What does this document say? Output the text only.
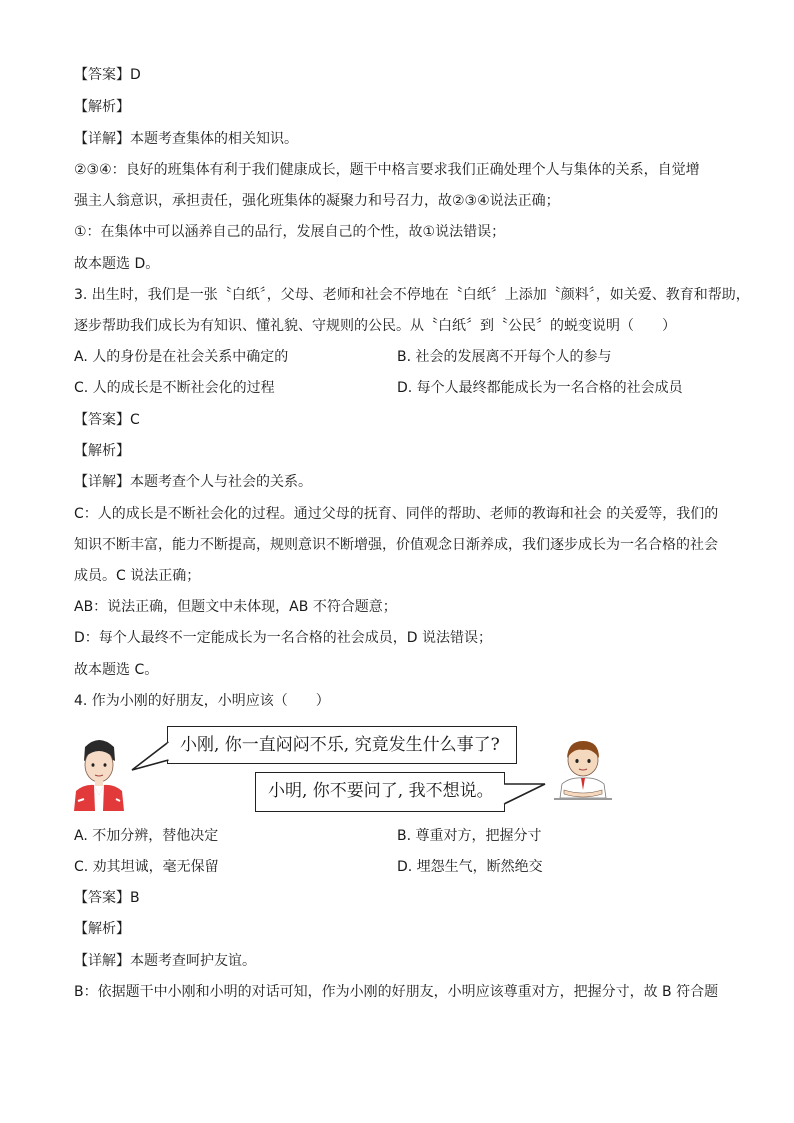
【答案】D
【解析】
【详解】本题考查集体的相关知识。
②③④：良好的班集体有利于我们健康成长，题干中格言要求我们正确处理个人与集体的关系，自觉增
强主人翁意识，承担责任，强化班集体的凝聚力和号召力，故②③④说法正确；
①：在集体中可以涵养自己的品行，发展自己的个性，故①说法错误；
故本题选 D。
3. 出生时，我们是一张〝白纸〞，父母、老师和社会不停地在〝白纸〞上添加〝颜料〞，如关爱、教育和帮助，
逐步帮助我们成长为有知识、懂礼貌、守规则的公民。从〝白纸〞到〝公民〞的蜕变说明（　　）
A. 人的身份是在社会关系中确定的	B. 社会的发展离不开每个人的参与
C. 人的成长是不断社会化的过程	D. 每个人最终都能成长为一名合格的社会成员
【答案】C
【解析】
【详解】本题考查个人与社会的关系。
C：人的成长是不断社会化的过程。通过父母的抚育、同伴的帮助、老师的教诲和社会 的关爱等，我们的
知识不断丰富，能力不断提高，规则意识不断增强，价值观念日渐养成，我们逐步成长为一名合格的社会
成员。C 说法正确；
AB：说法正确，但题文中未体现，AB 不符合题意；
D：每个人最终不一定能成长为一名合格的社会成员，D 说法错误；
故本题选 C。
4. 作为小刚的好朋友，小明应该（　　）
小刚, 你一直闷闷不乐, 究竟发生什么事了?
小明, 你不要问了, 我不想说。
A. 不加分辨，替他决定	B. 尊重对方，把握分寸
C. 劝其坦诚，毫无保留	D. 埋怨生气，断然绝交
【答案】B
【解析】
【详解】本题考查呵护友谊。
B：依据题干中小刚和小明的对话可知，作为小刚的好朋友，小明应该尊重对方，把握分寸，故 B 符合题
